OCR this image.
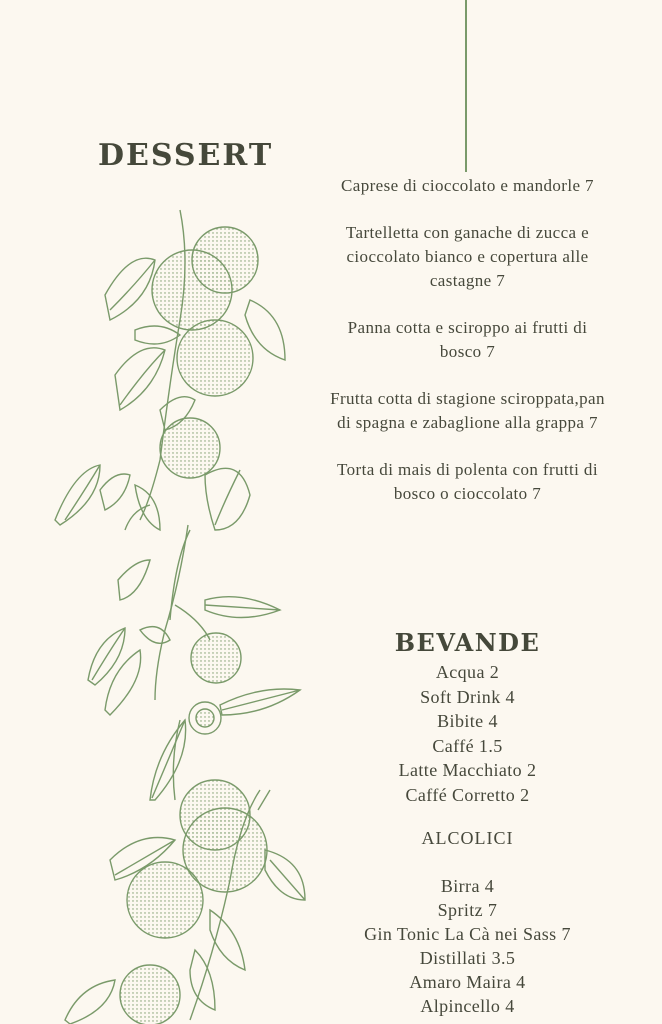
DESSERT

Caprese di cioccolato e mandorle 7

Tartelletta con ganache di zucca e cioccolato bianco e copertura alle castagne 7

Panna cotta e sciroppo ai frutti di bosco 7

Frutta cotta di stagione sciroppata,pan di spagna e zabaglione alla grappa 7

Torta di mais di polenta con frutti di bosco o cioccolato 7

BEVANDE
Acqua 2
Soft Drink 4
Bibite 4
Caffé 1.5
Latte Macchiato 2
Caffé Corretto 2
ALCOLICI
Birra 4
Spritz 7
Gin Tonic La Cà nei Sass 7
Distillati 3.5
Amaro Maira 4
Alpincello 4
